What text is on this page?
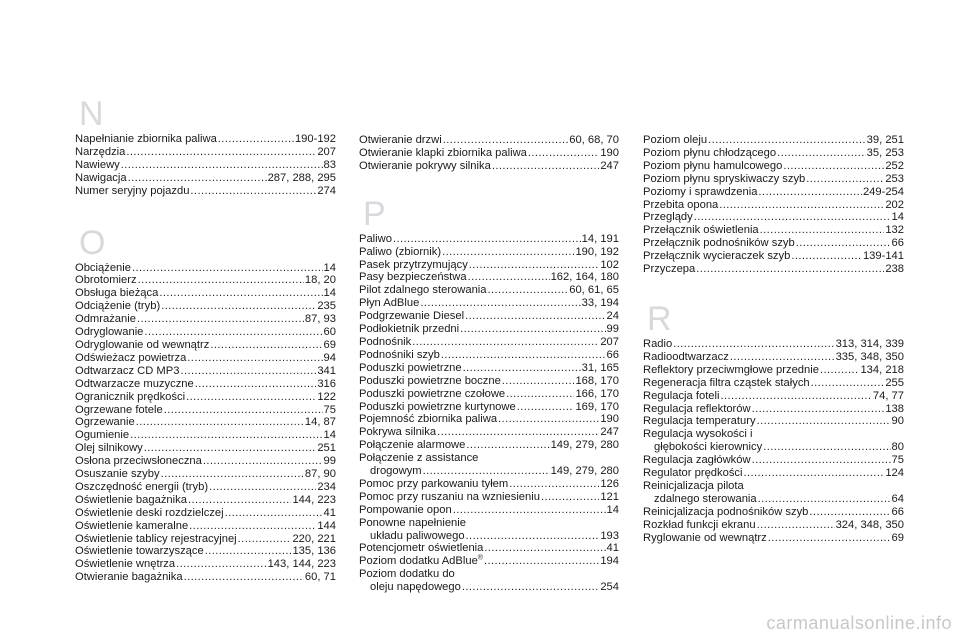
N
Napełnianie zbiornika paliwa .....	190-192
Narzędzia .....	207
Nawiewy .....	83
Nawigacja .....	287, 288, 295
Numer seryjny pojazdu .....	274
O
Obciążenie .....	14
Obrotomierz .....	18, 20
Obsługa bieżąca .....	14
Odciążenie (tryb) .....	235
Odmrażanie .....	87, 93
Odryglowanie .....	60
Odryglowanie od wewnątrz .....	69
Odświeżacz powietrza .....	94
Odtwarzacz CD MP3 .....	341
Odtwarzacze muzyczne .....	316
Ogranicznik prędkości .....	122
Ogrzewane fotele .....	75
Ogrzewanie .....	14, 87
Ogumienie .....	14
Olej silnikowy .....	251
Osłona przeciwsłoneczna .....	99
Osuszanie szyby .....	87, 90
Oszczędność energii (tryb) .....	234
Oświetlenie bagażnika .....	144, 223
Oświetlenie deski rozdzielczej .....	41
Oświetlenie kameralne .....	144
Oświetlenie tablicy rejestracyjnej .....	220, 221
Oświetlenie towarzyszące .....	135, 136
Oświetlenie wnętrza .....	143, 144, 223
Otwieranie bagażnika .....	60, 71
Otwieranie drzwi .....	60, 68, 70
Otwieranie klapki zbiornika paliwa .....	190
Otwieranie pokrywy silnika .....	247
P
Paliwo .....	14, 191
Paliwo (zbiornik) .....	190, 192
Pasek przytrzymujący .....	102
Pasy bezpieczeństwa .....	162, 164, 180
Pilot zdalnego sterowania .....	60, 61, 65
Płyn AdBlue .....	33, 194
Podgrzewanie Diesel .....	24
Podłokietnik przedni .....	99
Podnośnik .....	207
Podnośniki szyb .....	66
Poduszki powietrzne .....	31, 165
Poduszki powietrzne boczne .....	168, 170
Poduszki powietrzne czołowe .....	166, 170
Poduszki powietrzne kurtynowe .....	169, 170
Pojemność zbiornika paliwa .....	190
Pokrywa silnika .....	247
Połączenie alarmowe .....	149, 279, 280
Połączenie z assistance
drogowym .....	149, 279, 280
Pomoc przy parkowaniu tyłem .....	126
Pomoc przy ruszaniu na wzniesieniu .....	121
Pompowanie opon .....	14
Ponowne napełnienie
układu paliwowego .....	193
Potencjometr oświetlenia .....	41
Poziom dodatku AdBlue® .....	194
Poziom dodatku do
oleju napędowego .....	254
Poziom oleju .....	39, 251
Poziom płynu chłodzącego .....	35, 253
Poziom płynu hamulcowego .....	252
Poziom płynu spryskiwaczy szyb .....	253
Poziomy i sprawdzenia .....	249-254
Przebita opona .....	202
Przeglądy .....	14
Przełącznik oświetlenia .....	132
Przełącznik podnośników szyb .....	66
Przełącznik wycieraczek szyb .....	139-141
Przyczepa .....	238
R
Radio .....	313, 314, 339
Radioodtwarzacz .....	335, 348, 350
Reflektory przeciwmgłowe przednie .....	134, 218
Regeneracja filtra cząstek stałych .....	255
Regulacja foteli .....	74, 77
Regulacja reflektorów .....	138
Regulacja temperatury .....	90
Regulacja wysokości i
głębokości kierownicy .....	80
Regulacja zagłówków .....	75
Regulator prędkości .....	124
Reinicjalizacja pilota
zdalnego sterowania .....	64
Reinicjalizacja podnośników szyb .....	66
Rozkład funkcji ekranu .....	324, 348, 350
Ryglowanie od wewnątrz .....	69
carmanualsonline.info
